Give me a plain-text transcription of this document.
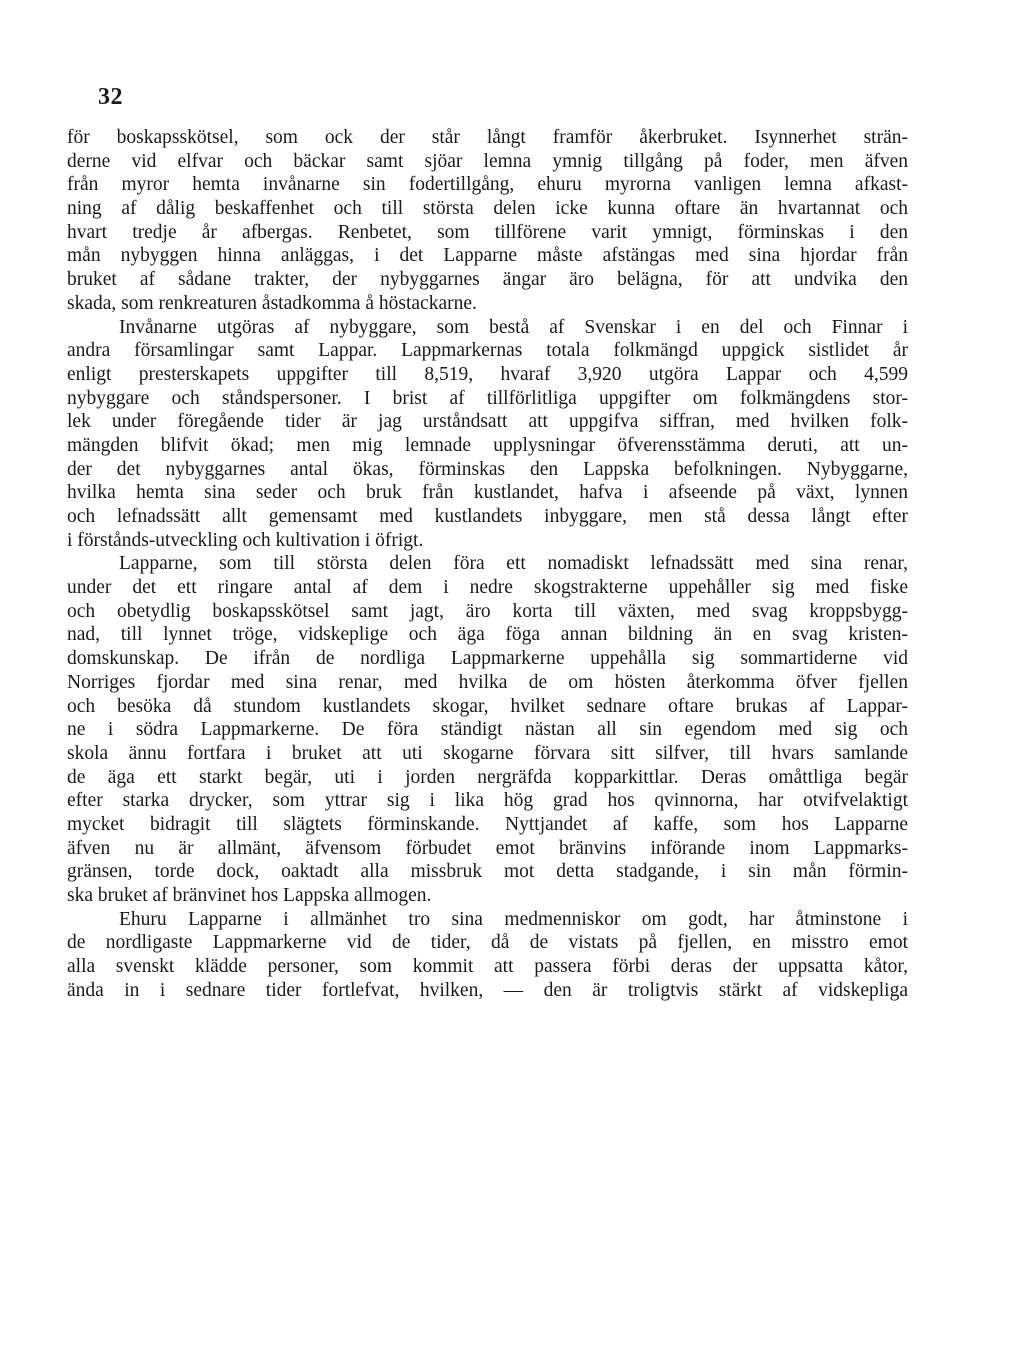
32
för boskapsskötsel, som ock der står långt framför åkerbruket. Isynnerhet strän-
derne vid elfvar och bäckar samt sjöar lemna ymnig tillgång på foder, men äfven
från myror hemta invånarne sin fodertillgång, ehuru myrorna vanligen lemna afkast-
ning af dålig beskaffenhet och till största delen icke kunna oftare än hvartannat och
hvart tredje år afbergas. Renbetet, som tillförene varit ymnigt, förminskas i den
mån nybyggen hinna anläggas, i det Lapparne måste afstängas med sina hjordar från
bruket af sådane trakter, der nybyggarnes ängar äro belägna, för att undvika den
skada, som renkreaturen åstadkomma å höstackarne.
Invånarne utgöras af nybyggare, som bestå af Svenskar i en del och Finnar i
andra församlingar samt Lappar. Lappmarkernas totala folkmängd uppgick sistlidet år
enligt presterskapets uppgifter till 8,519, hvaraf 3,920 utgöra Lappar och 4,599
nybyggare och ståndspersoner. I brist af tillförlitliga uppgifter om folkmängdens stor-
lek under föregående tider är jag urståndsatt att uppgifva siffran, med hvilken folk-
mängden blifvit ökad; men mig lemnade upplysningar öfverensstämma deruti, att un-
der det nybyggarnes antal ökas, förminskas den Lappska befolkningen. Nybyggarne,
hvilka hemta sina seder och bruk från kustlandet, hafva i afseende på växt, lynnen
och lefnadssätt allt gemensamt med kustlandets inbyggare, men stå dessa långt efter
i förstånds-utveckling och kultivation i öfrigt.
Lapparne, som till största delen föra ett nomadiskt lefnadssätt med sina renar,
under det ett ringare antal af dem i nedre skogstrakterne uppehåller sig med fiske
och obetydlig boskapsskötsel samt jagt, äro korta till växten, med svag kroppsbygg-
nad, till lynnet tröge, vidskeplige och äga föga annan bildning än en svag kristen-
domskunskap. De ifrån de nordliga Lappmarkerne uppehålla sig sommartiderne vid
Norriges fjordar med sina renar, med hvilka de om hösten återkomma öfver fjellen
och besöka då stundom kustlandets skogar, hvilket sednare oftare brukas af Lappar-
ne i södra Lappmarkerne. De föra ständigt nästan all sin egendom med sig och
skola ännu fortfara i bruket att uti skogarne förvara sitt silfver, till hvars samlande
de äga ett starkt begär, uti i jorden nergräfda kopparkittlar. Deras omåttliga begär
efter starka drycker, som yttrar sig i lika hög grad hos qvinnorna, har otvifvelaktigt
mycket bidragit till slägtets förminskande. Nyttjandet af kaffe, som hos Lapparne
äfven nu är allmänt, äfvensom förbudet emot bränvins införande inom Lappmarks-
gränsen, torde dock, oaktadt alla missbruk mot detta stadgande, i sin mån förmin-
ska bruket af bränvinet hos Lappska allmogen.
Ehuru Lapparne i allmänhet tro sina medmenniskor om godt, har åtminstone i
de nordligaste Lappmarkerne vid de tider, då de vistats på fjellen, en misstro emot
alla svenskt klädde personer, som kommit att passera förbi deras der uppsatta kåtor,
ända in i sednare tider fortlefvat, hvilken, — den är troligtvis stärkt af vidskepliga
